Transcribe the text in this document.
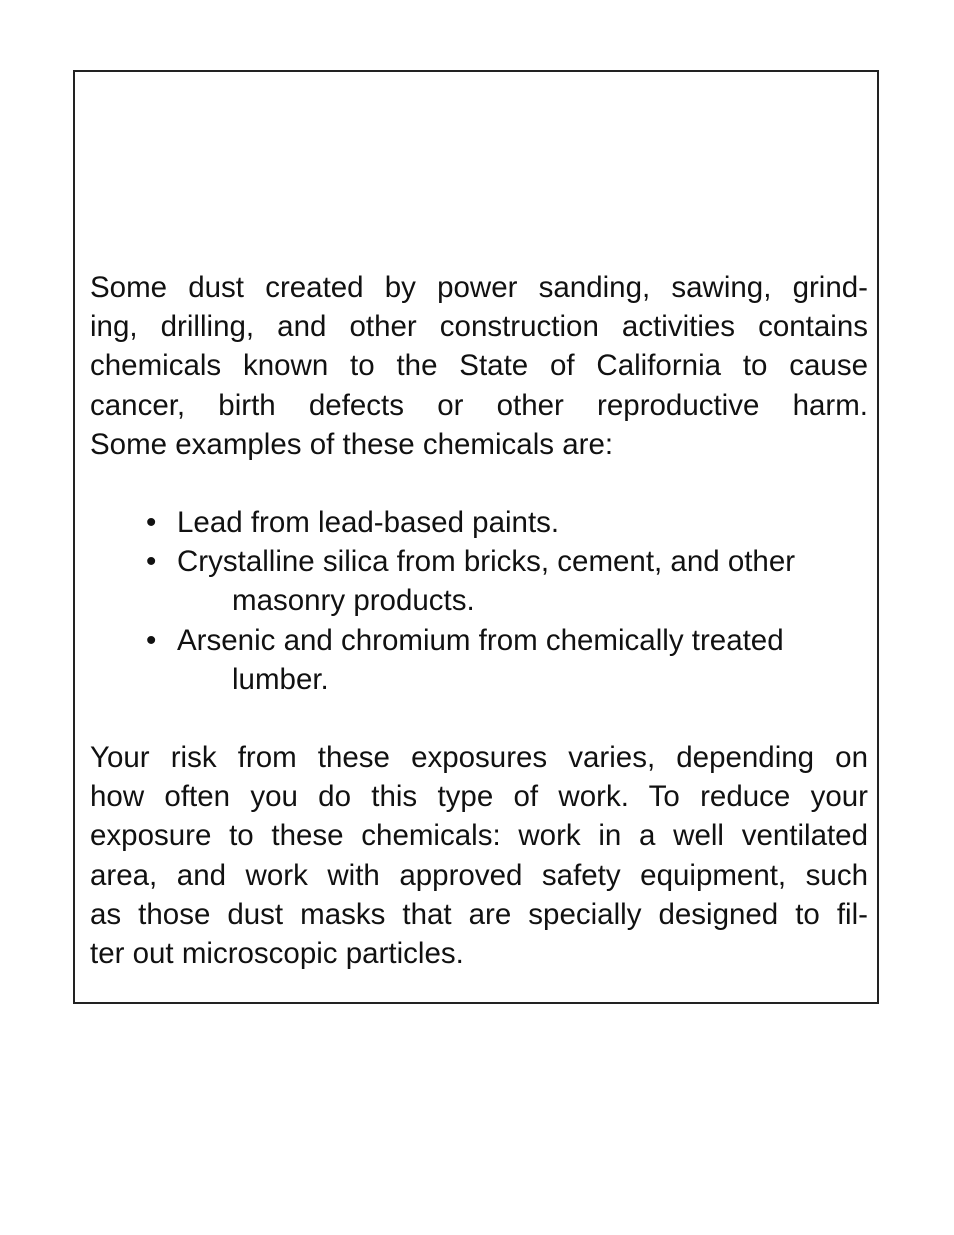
Some dust created by power sanding, sawing, grind-

ing, drilling, and other construction activities contains

chemicals known to the State of California to cause

cancer, birth defects or other reproductive harm.

Some examples of these chemicals are:

• Lead from lead-based paints.
• Crystalline silica from bricks, cement, and other
masonry products.
• Arsenic and chromium from chemically treated
lumber.

Your risk from these exposures varies, depending on

how often you do this type of work. To reduce your

exposure to these chemicals: work in a well ventilated

area, and work with approved safety equipment, such

as those dust masks that are specially designed to fil-

ter out microscopic particles.
